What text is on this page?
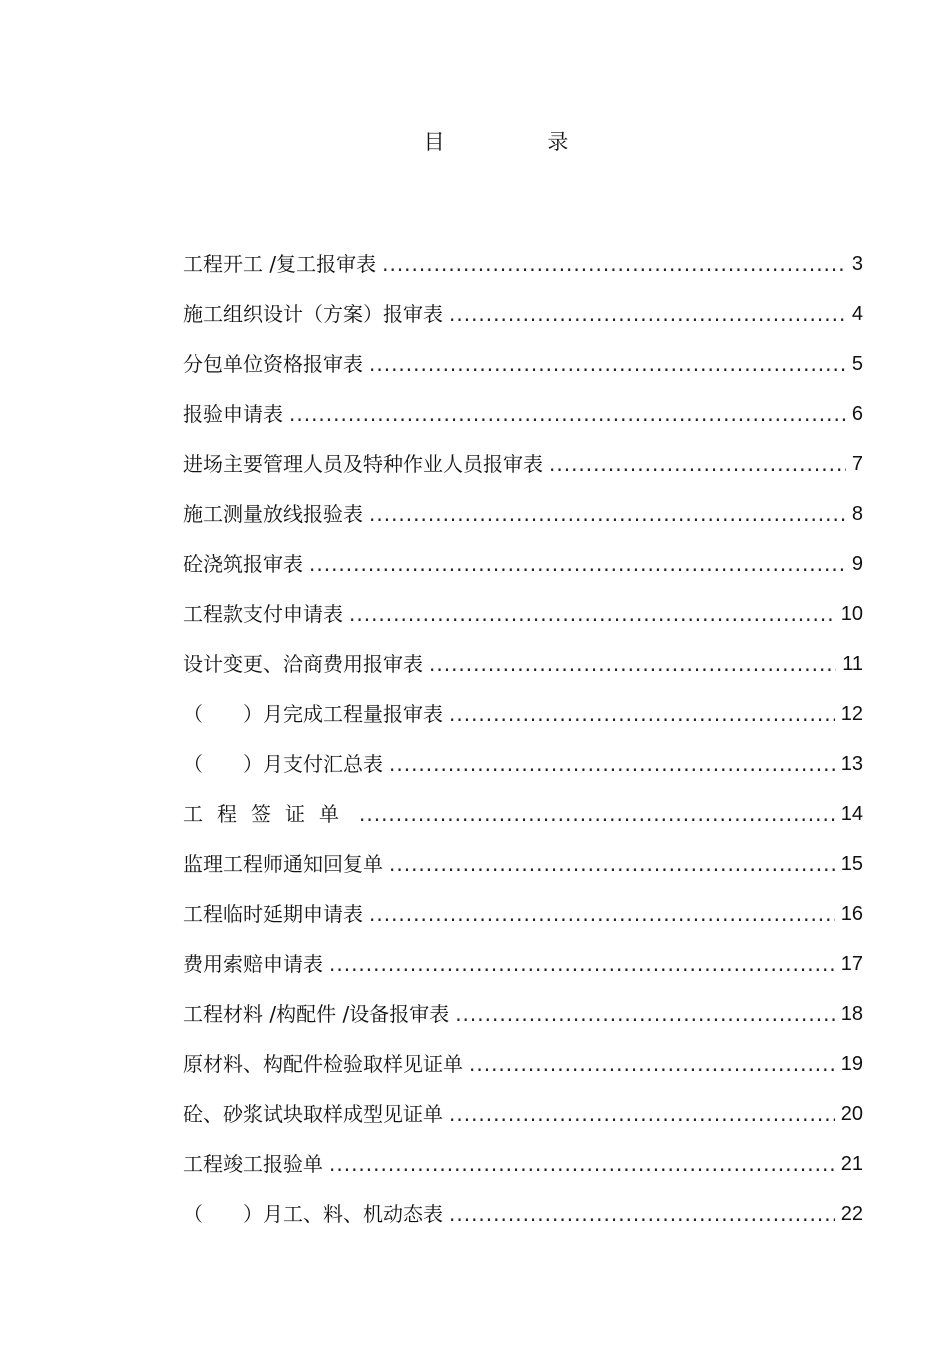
目 录
工程开工 /复工报审表 .....	3
施工组织设计（方案）报审表 .....	4
分包单位资格报审表 .....	5
报验申请表 .....	6
进场主要管理人员及特种作业人员报审表 .....	7
施工测量放线报验表 .....	8
砼浇筑报审表 .....	9
工程款支付申请表 .....	10
设计变更、洽商费用报审表 .....	11
（　　）月完成工程量报审表 .....	12
（　　）月支付汇总表 .....	13
工程签证单 .....	14
监理工程师通知回复单 .....	15
工程临时延期申请表 .....	16
费用索赔申请表 .....	17
工程材料 /构配件 /设备报审表 .....	18
原材料、构配件检验取样见证单 .....	19
砼、砂浆试块取样成型见证单 .....	20
工程竣工报验单 .....	21
（　　）月工、料、机动态表 .....	22
